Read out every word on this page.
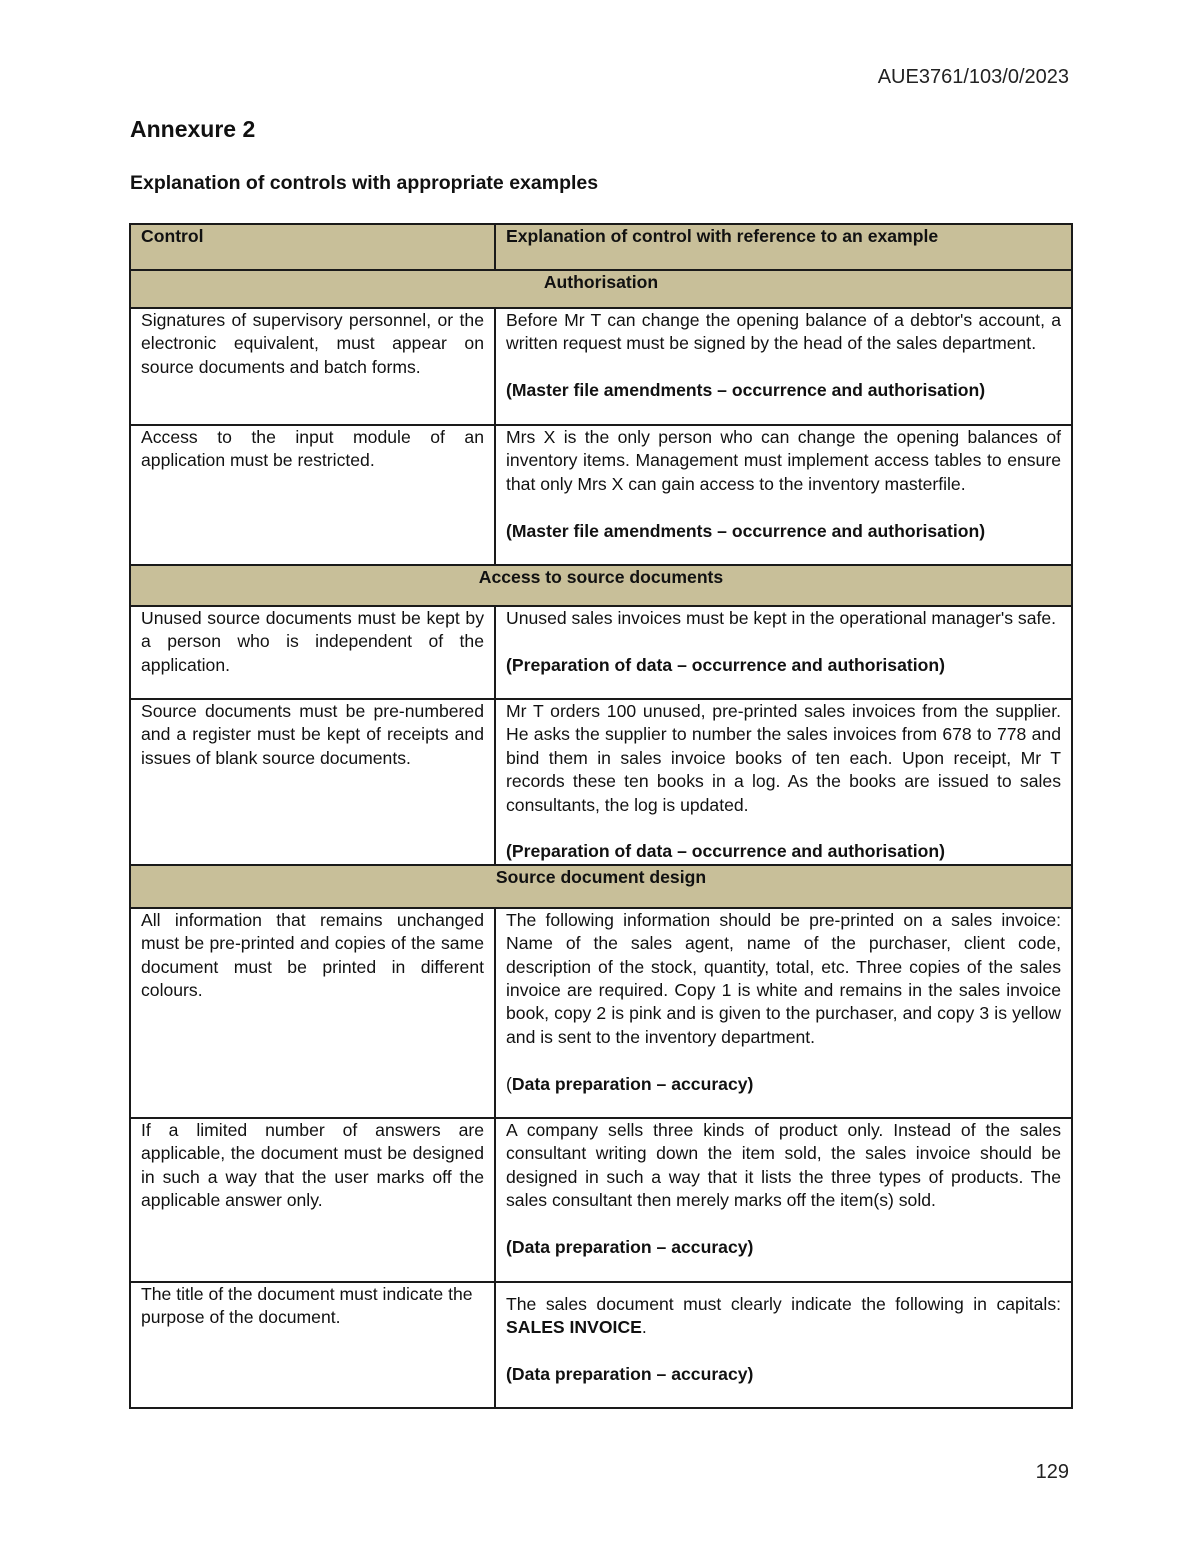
AUE3761/103/0/2023
Annexure 2
Explanation of controls with appropriate examples
Control	Explanation of control with reference to an example
Authorisation	
Signatures of supervisory personnel, or the electronic equivalent, must appear on source documents and batch forms.	Before Mr T can change the opening balance of a debtor's account, a written request must be signed by the head of the sales department.

(Master file amendments – occurrence and authorisation)

Access to the input module of an application must be restricted.	Mrs X is the only person who can change the opening balances of inventory items. Management must implement access tables to ensure that only Mrs X can gain access to the inventory masterfile.

(Master file amendments – occurrence and authorisation)

Access to source documents	
Unused source documents must be kept by a person who is independent of the application.	Unused sales invoices must be kept in the operational manager's safe.

(Preparation of data – occurrence and authorisation)

Source documents must be pre-numbered and a register must be kept of receipts and issues of blank source documents.	Mr T orders 100 unused, pre-printed sales invoices from the supplier. He asks the supplier to number the sales invoices from 678 to 778 and bind them in sales invoice books of ten each. Upon receipt, Mr T records these ten books in a log. As the books are issued to sales consultants, the log is updated.

(Preparation of data – occurrence and authorisation)

Source document design	
All information that remains unchanged must be pre-printed and copies of the same document must be printed in different colours.	The following information should be pre-printed on a sales invoice: Name of the sales agent, name of the purchaser, client code, description of the stock, quantity, total, etc. Three copies of the sales invoice are required. Copy 1 is white and remains in the sales invoice book, copy 2 is pink and is given to the purchaser, and copy 3 is yellow and is sent to the inventory department.

(Data preparation – accuracy)

If a limited number of answers are applicable, the document must be designed in such a way that the user marks off the applicable answer only.	A company sells three kinds of product only. Instead of the sales consultant writing down the item sold, the sales invoice should be designed in such a way that it lists the three types of products. The sales consultant then merely marks off the item(s) sold.

(Data preparation – accuracy)

The title of the document must indicate the purpose of the document.	The sales document must clearly indicate the following in capitals: SALES INVOICE.

(Data preparation – accuracy)

129
